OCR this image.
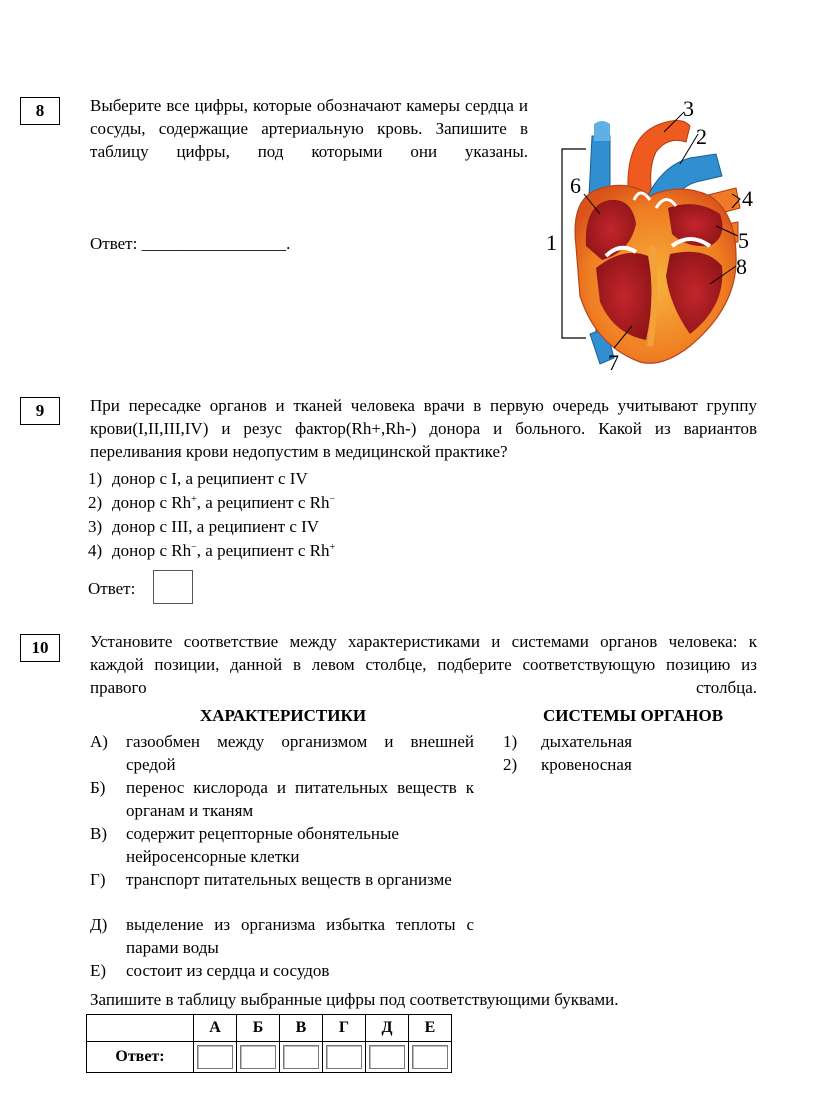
8	Выберите все цифры, которые обозначают камеры сердца и сосуды, содержащие артериальную кровь. Запишите в таблицу цифры, под которыми они указаны.
Ответ: _________________.	1
2
3
4
5
6
7
8
9	При пересадке органов и тканей человека врачи в первую очередь учитывают группу крови(I,II,III,IV) и резус фактор(Rh+,Rh-) донора и больного. Какой из вариантов переливания крови недопустим в медицинской практике?
1) донор с I, а реципиент с IV
2) донор с Rh+, а реципиент с Rh−
3) донор с III, а реципиент с IV
4) донор с Rh−, а реципиент с Rh+
Ответ:
10	Установите соответствие между характеристиками и системами органов человека: к каждой позиции, данной в левом столбце, подберите соответствующую позицию из правого столбца.
ХАРАКТЕРИСТИКИ	СИСТЕМЫ ОРГАНОВ
А) газообмен между организмом и внешней средой
Б) перенос кислорода и питательных веществ к органам и тканям
В) содержит рецепторные обонятельные нейросенсорные клетки
Г) транспорт питательных веществ в организме
Д) выделение из организма избытка теплоты с парами воды
Е) состоит из сердца и сосудов
1) дыхательная
2) кровеносная
Запишите в таблицу выбранные цифры под соответствующими буквами.
	А	Б	В	Г	Д	Е
Ответ:	
